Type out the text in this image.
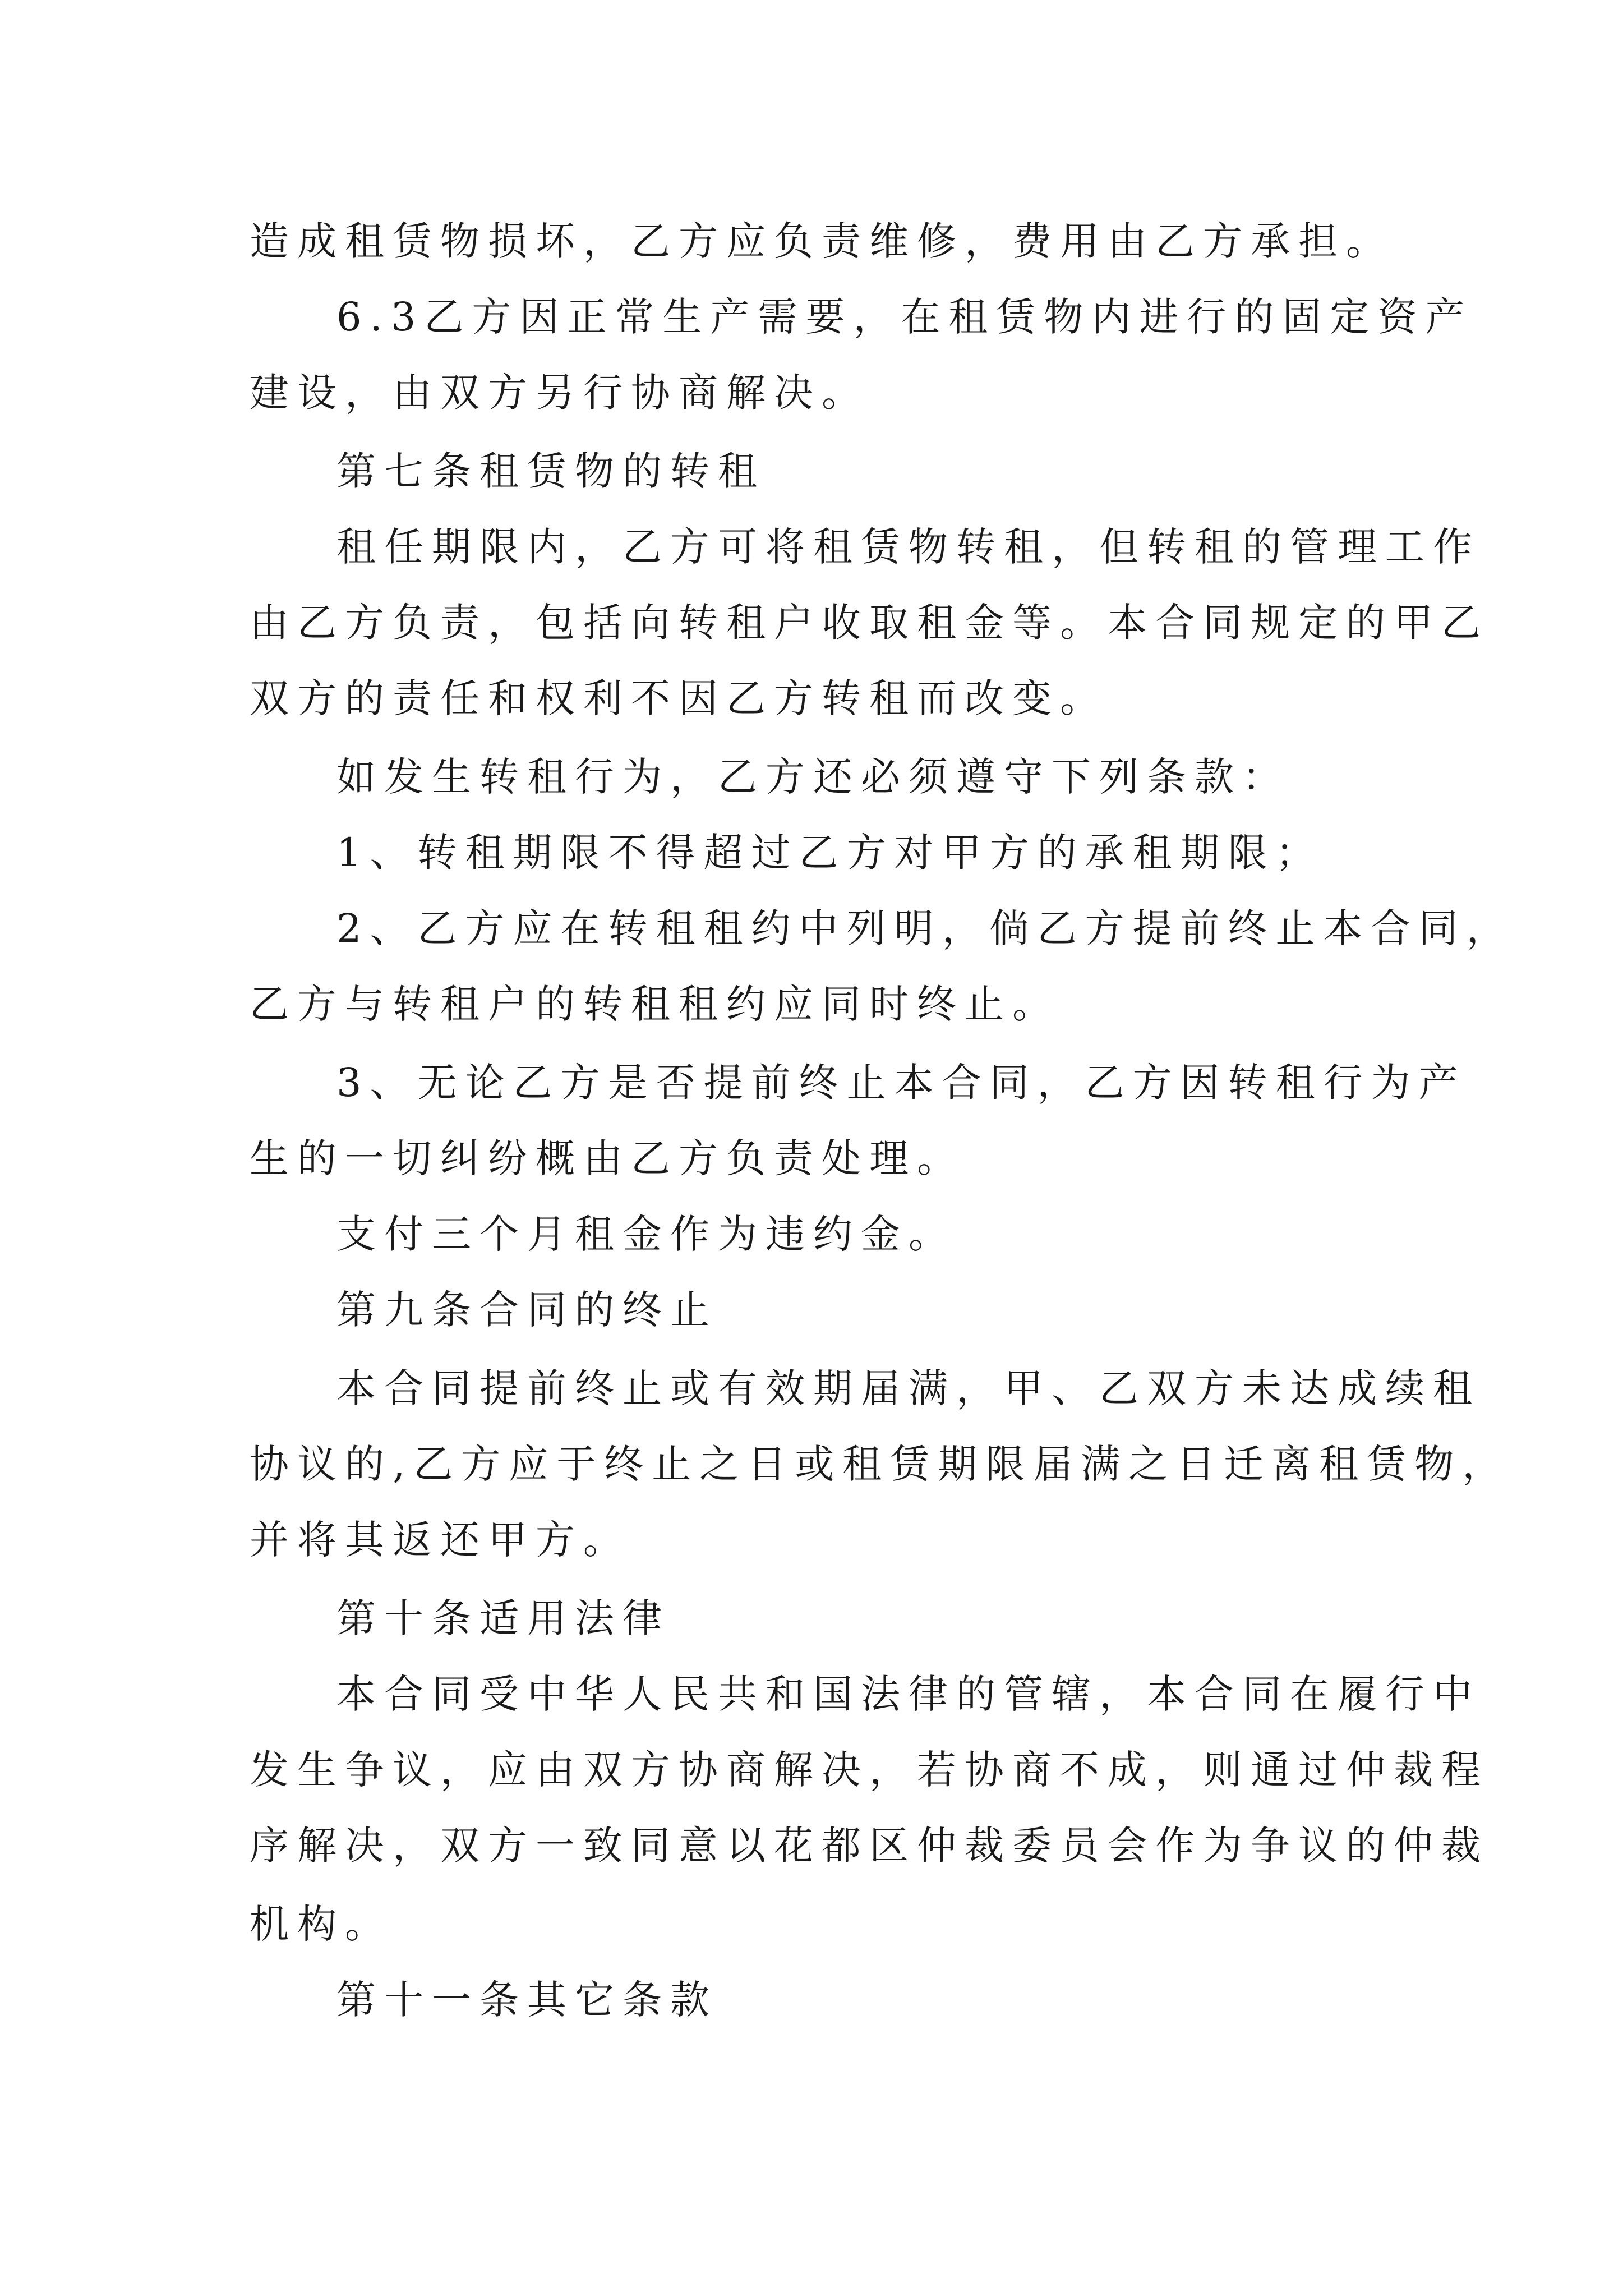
造成租赁物损坏，乙方应负责维修，费用由乙方承担。
6.3乙方因正常生产需要，在租赁物内进行的固定资产
建设，由双方另行协商解决。
第七条租赁物的转租
租任期限内，乙方可将租赁物转租，但转租的管理工作
由乙方负责，包括向转租户收取租金等。本合同规定的甲乙
双方的责任和权利不因乙方转租而改变。
如发生转租行为，乙方还必须遵守下列条款：
1、转租期限不得超过乙方对甲方的承租期限；
2、乙方应在转租租约中列明，倘乙方提前终止本合同，
乙方与转租户的转租租约应同时终止。
3、无论乙方是否提前终止本合同，乙方因转租行为产
生的一切纠纷概由乙方负责处理。
支付三个月租金作为违约金。
第九条合同的终止
本合同提前终止或有效期届满，甲、乙双方未达成续租
协议的,乙方应于终止之日或租赁期限届满之日迁离租赁物，
并将其返还甲方。
第十条适用法律
本合同受中华人民共和国法律的管辖，本合同在履行中
发生争议，应由双方协商解决，若协商不成，则通过仲裁程
序解决，双方一致同意以花都区仲裁委员会作为争议的仲裁
机构。
第十一条其它条款
